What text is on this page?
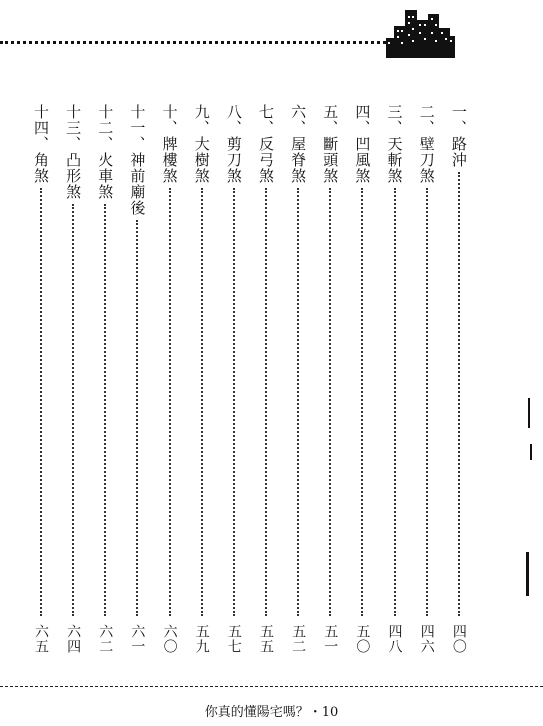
一、路沖
四〇
二、壁刀煞
四六
三、天斬煞
四八
四、凹風煞
五〇
五、斷頭煞
五一
六、屋脊煞
五二
七、反弓煞
五五
八、剪刀煞
五七
九、大樹煞
五九
十、牌樓煞
六〇
十一、神前廟後
六一
十二、火車煞
六二
十三、凸形煞
六四
十四、角煞
六五
你真的懂陽宅嗎？・10
